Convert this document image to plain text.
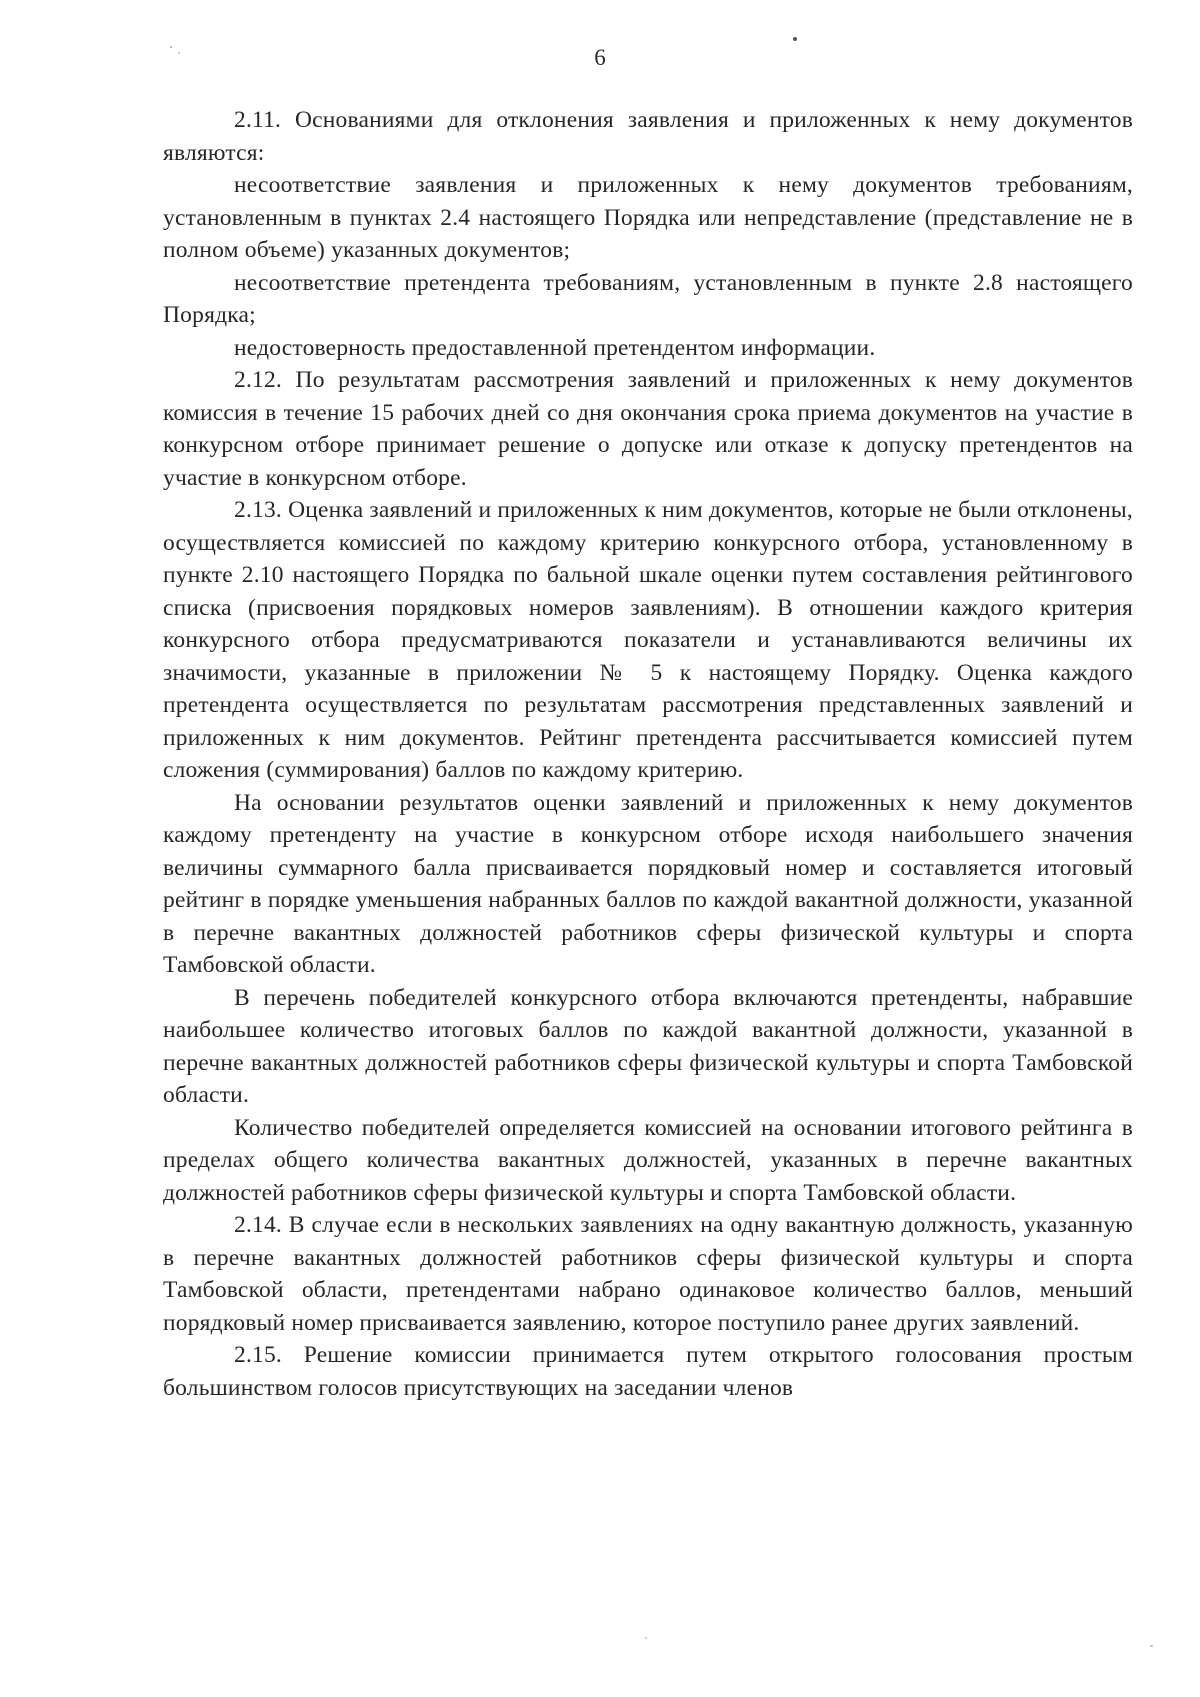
6

2.11. Основаниями для отклонения заявления и приложенных к нему документов являются:

несоответствие заявления и приложенных к нему документов требованиям, установленным в пунктах 2.4 настоящего Порядка или непредставление (представление не в полном объеме) указанных документов;

несоответствие претендента требованиям, установленным в пункте 2.8 настоящего Порядка;

недостоверность предоставленной претендентом информации.

2.12. По результатам рассмотрения заявлений и приложенных к нему документов комиссия в течение 15 рабочих дней со дня окончания срока приема документов на участие в конкурсном отборе принимает решение о допуске или отказе к допуску претендентов на участие в конкурсном отборе.

2.13. Оценка заявлений и приложенных к ним документов, которые не были отклонены, осуществляется комиссией по каждому критерию конкурсного отбора, установленному в пункте 2.10 настоящего Порядка по бальной шкале оценки путем составления рейтингового списка (присвоения порядковых номеров заявлениям). В отношении каждого критерия конкурсного отбора предусматриваются показатели и устанавливаются величины их значимости, указанные в приложении № 5 к настоящему Порядку. Оценка каждого претендента осуществляется по результатам рассмотрения представленных заявлений и приложенных к ним документов. Рейтинг претендента рассчитывается комиссией путем сложения (суммирования) баллов по каждому критерию.

На основании результатов оценки заявлений и приложенных к нему документов каждому претенденту на участие в конкурсном отборе исходя наибольшего значения величины суммарного балла присваивается порядковый номер и составляется итоговый рейтинг в порядке уменьшения набранных баллов по каждой вакантной должности, указанной в перечне вакантных должностей работников сферы физической культуры и спорта Тамбовской области.

В перечень победителей конкурсного отбора включаются претенденты, набравшие наибольшее количество итоговых баллов по каждой вакантной должности, указанной в перечне вакантных должностей работников сферы физической культуры и спорта Тамбовской области.

Количество победителей определяется комиссией на основании итогового рейтинга в пределах общего количества вакантных должностей, указанных в перечне вакантных должностей работников сферы физической культуры и спорта Тамбовской области.

2.14. В случае если в нескольких заявлениях на одну вакантную должность, указанную в перечне вакантных должностей работников сферы физической культуры и спорта Тамбовской области, претендентами набрано одинаковое количество баллов, меньший порядковый номер присваивается заявлению, которое поступило ранее других заявлений.

2.15. Решение комиссии принимается путем открытого голосования простым большинством голосов присутствующих на заседании членов
